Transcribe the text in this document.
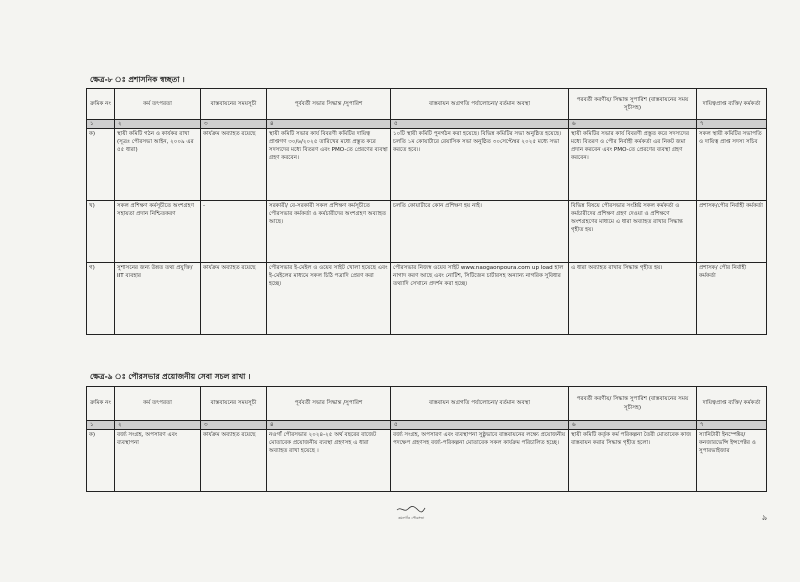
ক্ষেত্র-৮ ঃ প্রশাসনিক স্বচ্ছতা ।
ক্রমিক নং	কর্ম তৎপরতা	বাস্তবায়নের সময়সূচী	পূর্ববর্তী সভার সিদ্ধান্ত /সুপারিশ	বাস্তবায়ন অগ্রগতি পর্যালোচনা/ বর্তমান অবস্থা	পরবর্তী করণীয়/ সিদ্ধান্ত সুপারিশ (বাস্তবায়নের সময় সূচীসহ)	দায়িত্বপ্রাপ্ত ব্যক্তি/ কর্মকর্তা
১	২	৩	৪	৫	৬	৭
ক)	স্থায়ী কমিটি গঠন ও কার্যকর রাখা (সূত্রঃ পৌরসভা আইন, ২০০৯ এর ৫৫ ধারা)	কার্যক্রম অব্যাহত রয়েছে	স্থায়ী কমিটি সভার কার্য বিবরণী কমিটির দায়িত্ব প্রাপ্তগণ ৩০/৬/২০২৫ তারিখের মধ্যে প্রস্তুত করে সদস্যদের মধ্যে বিতরণ এবং PMO-তে প্রেরণের ব্যবস্থা গ্রহণ করবেন।	১০টি স্থায়ী কমিটি পুনর্গঠন করা হয়েছে। বিভিন্ন কমিটির সভা অনুষ্ঠিত হয়েছে। চলতি ১ম কোয়ার্টারে রেয়াসিক সভা অনুষ্ঠিত ৩০সেপ্টেম্বর ২০২৫ মধ্যে সভা করতে হবে।।	স্থায়ী কমিটির সভার কার্য বিবরণী প্রস্তুত করে সদস্যদের মধ্যে বিতরণ ও পৌর নির্বাহী কর্মকর্তা এর নিকট জমা প্রদান করবেন এবং PMO-তে প্রেরণের ব্যবস্থা গ্রহণ করবেন।	সকল স্থায়ী কমিটির সভাপতি ও দায়িত্ব প্রাপ্ত সদস্য সচিব
খ)	সকল প্রশিক্ষণ কর্মসূচীতে অংশগ্রহণ সহায়তা প্রদান নিশ্চিতকরণ	-	সরকারী/ বে-সরকারী সকল প্রশিক্ষণ কর্মসূচীতে পৌরসভার কর্মকর্তা ও কর্মচারীদের অংশগ্রহণ অব্যাহত আছে।	চলতি কোয়ার্টারে কোন প্রশিক্ষণ হয় নাই।	বিভিন্ন বিষয়ে পৌরসভার সংশ্লিষ্ট সকল কর্মকর্তা ও কর্মচারীদের প্রশিক্ষণ গ্রহণ দেওয়া ও প্রশিক্ষণে অংশগ্রহণের মাধ্যমে এ ধারা অব্যাহত রাখার সিদ্ধান্ত গৃহীত হয়।	প্রশাসক/পৌর নির্বাহী কর্মকর্তা
গ)	সুশাসনের জন্য উন্নত তথ্য প্রযুক্তি/ IIT ব্যবহার	কার্যক্রম অব্যাহত রয়েছে	পৌরসভার ই-মেইল ও ওয়েব সাইট খোলা হয়েছে এবং ই-মেইলের মাধ্যমে সকল চিঠি পত্রাদি প্রেরণ করা হচ্ছে।	পৌরসভার নিজস্ব ওয়েব সাইট www.naogaonpoura.com up load হালনাগাদ করণ আছে এবং নোটিশ, সিটিজেন চার্টারসহ অন্যান্য নাগরিক সুবিধার তথ্যাদি সেখানে প্রদর্শন করা হচ্ছে।	এ ধারা অব্যাহত রাখার সিদ্ধান্ত গৃহীত হয়।	প্রশাসক/ পৌর নির্বাহী কর্মকর্তা
ক্ষেত্র-৯ ঃ পৌরসভার প্রয়োজনীয় সেবা সচল রাখা ।
ক্রমিক নং	কর্ম তৎপরতা	বাস্তবায়নের সময়সূচী	পূর্ববর্তী সভার সিদ্ধান্ত /সুপারিশ	বাস্তবায়ন অগ্রগতি পর্যালোচনা/ বর্তমান অবস্থা	পরবর্তী করণীয়/ সিদ্ধান্ত সুপারিশ (বাস্তবায়নের সময় সূচীসহ)	দায়িত্বপ্রাপ্ত ব্যক্তি/ কর্মকর্তা
১	২	৩	৪	৫	৬	৭
ক)	বর্জ্য সংগ্রহ, অপসারণ এবং ব্যবস্থাপনা	কার্যক্রম অব্যাহত রয়েছে	নওগাঁ পৌরসভার ২০২৪-২৫ অর্থ বছরের বাজেট মোতাবেক প্রয়োজনীয় ব্যবস্থা গ্রহণসহ এ ধারা অব্যাহত রাখা হয়েছে ।	বর্জ্য সংগ্রহ, অপসারণ এবং ব্যবস্থাপনা সুষ্ঠুভাবে বাস্তবায়নের লক্ষ্যে প্রয়োজনীয় পদক্ষেপ গ্রহণসহ বর্জ্য-পরিকল্পনা মোতাবেক সকল কার্যক্রম পরিচালিত হচ্ছে।	স্থায়ী কমিটি কর্তৃক কর্ম পরিকল্পনা তৈরী মোতাবেক কাজ বাস্তবায়ন করার সিদ্ধান্ত গৃহীত হলো।	স্যানিটারী ইনস্পেক্টর/ কনজারভেন্সি ইন্সপেক্টর ও সুপারভাইজার
৩য়নগাঁও পৌরসভা	৯
